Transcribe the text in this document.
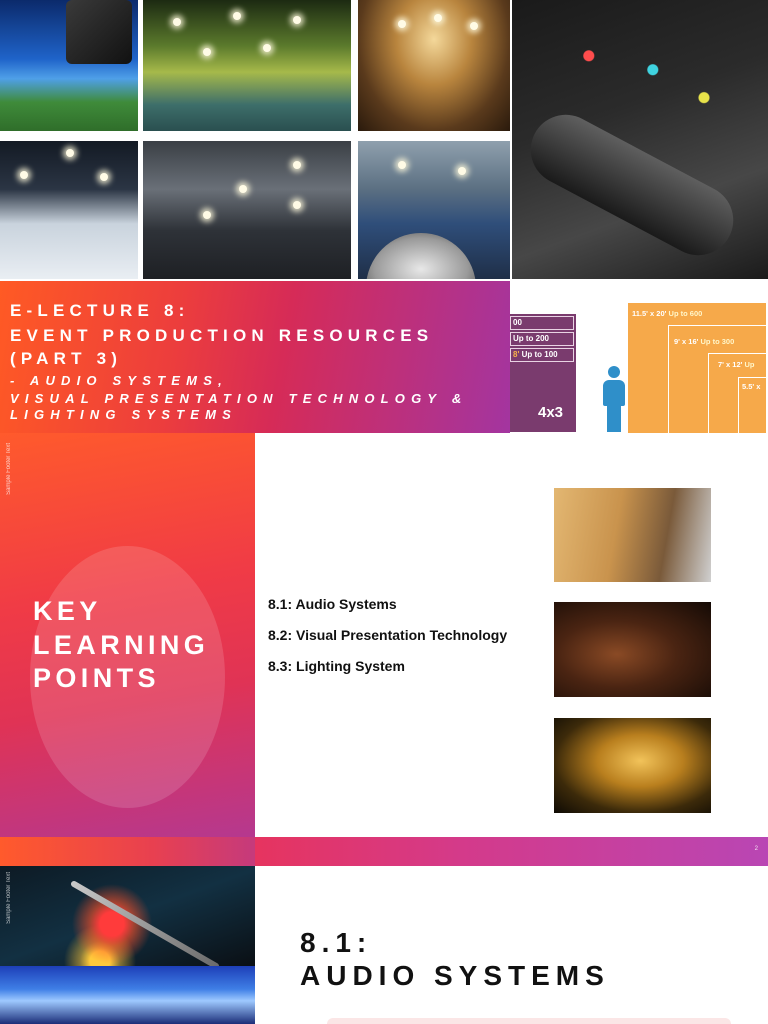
E-LECTURE 8:
EVENT PRODUCTION RESOURCES
(PART 3)
- AUDIO SYSTEMS,
VISUAL PRESENTATION TECHNOLOGY &
LIGHTING SYSTEMS
00
Up to 200
8' Up to 100
4x3
11.5' x 20' Up to 600
9' x 16' Up to 300
7' x 12' Up
5.5' x
Sample Footer Text
KEY
LEARNING
POINTS
8.1: Audio Systems
8.2: Visual Presentation Technology
8.3: Lighting System
2
Sample Footer Text
8.1:
AUDIO SYSTEMS
